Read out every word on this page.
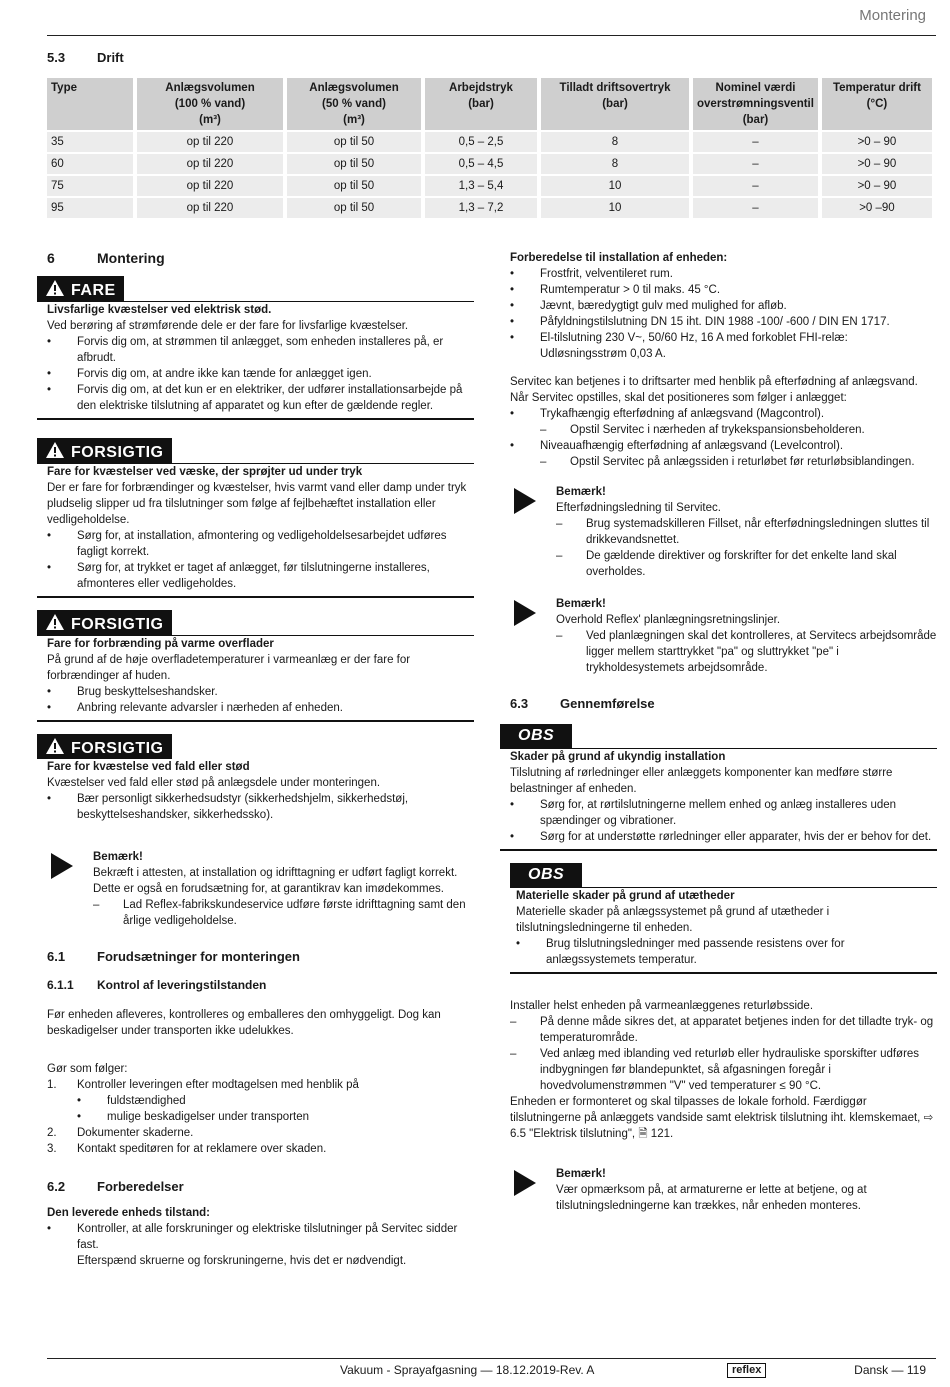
Montering
5.3 Drift
Type	Anlægsvolumen
(100 % vand)
(m³)	Anlægsvolumen
(50 % vand)
(m³)	Arbejdstryk
(bar)	Tilladt driftsovertryk
(bar)	Nominel værdi
overstrømningsventil
(bar)	Temperatur drift
(°C)
35	op til 220	op til 50	0,5 – 2,5	8	–	>0 – 90
60	op til 220	op til 50	0,5 – 4,5	8	–	>0 – 90
75	op til 220	op til 50	1,3 – 5,4	10	–	>0 – 90
95	op til 220	op til 50	1,3 – 7,2	10	–	>0 –90
6	Montering
FARE
Livsfarlige kvæstelser ved elektrisk stød.
Ved berøring af strømførende dele er der fare for livsfarlige kvæstelser.
• Forvis dig om, at strømmen til anlægget, som enheden installeres på, er afbrudt.
• Forvis dig om, at andre ikke kan tænde for anlægget igen.
• Forvis dig om, at det kun er en elektriker, der udfører installationsarbejde på den elektriske tilslutning af apparatet og kun efter de gældende regler.
FORSIGTIG
Fare for kvæstelser ved væske, der sprøjter ud under tryk
Der er fare for forbrændinger og kvæstelser, hvis varmt vand eller damp under tryk pludselig slipper ud fra tilslutninger som følge af fejlbehæftet installation eller vedligeholdelse.
• Sørg for, at installation, afmontering og vedligeholdelsesarbejdet udføres fagligt korrekt.
• Sørg for, at trykket er taget af anlægget, før tilslutningerne installeres, afmonteres eller vedligeholdes.
FORSIGTIG
Fare for forbrænding på varme overflader
På grund af de høje overfladetemperaturer i varmeanlæg er der fare for forbrændinger af huden.
• Brug beskyttelseshandsker.
• Anbring relevante advarsler i nærheden af enheden.
FORSIGTIG
Fare for kvæstelse ved fald eller stød
Kvæstelser ved fald eller stød på anlægsdele under monteringen.
• Bær personligt sikkerhedsudstyr (sikkerhedshjelm, sikkerhedstøj, beskyttelseshandsker, sikkerhedssko).
Bemærk!
Bekræft i attesten, at installation og idrifttagning er udført fagligt korrekt. Dette er også en forudsætning for, at garantikrav kan imødekommes.
– Lad Reflex-fabrikskundeservice udføre første idrifttagning samt den årlige vedligeholdelse.
6.1 Forudsætninger for monteringen
6.1.1 Kontrol af leveringstilstanden
Før enheden afleveres, kontrolleres og emballeres den omhyggeligt. Dog kan beskadigelser under transporten ikke udelukkes.
Gør som følger:
1. Kontroller leveringen efter modtagelsen med henblik på
• fuldstændighed
• mulige beskadigelser under transporten
2. Dokumenter skaderne.
3. Kontakt speditøren for at reklamere over skaden.
6.2 Forberedelser
Den leverede enheds tilstand:
• Kontroller, at alle forskruninger og elektriske tilslutninger på Servitec sidder fast.
Efterspænd skruerne og forskruningerne, hvis det er nødvendigt.
Forberedelse til installation af enheden:
• Frostfrit, velventileret rum.
• Rumtemperatur > 0 til maks. 45 °C.
• Jævnt, bæredygtigt gulv med mulighed for afløb.
• Påfyldningstilslutning DN 15 iht. DIN 1988 -100/ -600 / DIN EN 1717.
• El-tilslutning 230 V~, 50/60 Hz, 16 A med forkoblet FHI-relæ: Udløsningsstrøm 0,03 A.
Servitec kan betjenes i to driftsarter med henblik på efterfødning af anlægsvand. Når Servitec opstilles, skal det positioneres som følger i anlægget:
• Trykafhængig efterfødning af anlægsvand (Magcontrol).
– Opstil Servitec i nærheden af trykekspansionsbeholderen.
• Niveauafhængig efterfødning af anlægsvand (Levelcontrol).
– Opstil Servitec på anlægssiden i returløbet før returløbsiblandingen.
Bemærk!
Efterfødningsledning til Servitec.
– Brug systemadskilleren Fillset, når efterfødningsledningen sluttes til drikkevandsnettet.
– De gældende direktiver og forskrifter for det enkelte land skal overholdes.
Bemærk!
Overhold Reflex' planlægningsretningslinjer.
– Ved planlægningen skal det kontrolleres, at Servitecs arbejdsområde ligger mellem starttrykket "pa" og sluttrykket "pe" i trykholdesystemets arbejdsområde.
6.3 Gennemførelse
OBS
Skader på grund af ukyndig installation
Tilslutning af rørledninger eller anlæggets komponenter kan medføre større belastninger af enheden.
• Sørg for, at rørtilslutningerne mellem enhed og anlæg installeres uden spændinger og vibrationer.
• Sørg for at understøtte rørledninger eller apparater, hvis der er behov for det.
OBS
Materielle skader på grund af utætheder
Materielle skader på anlægssystemet på grund af utætheder i tilslutningsledningerne til enheden.
• Brug tilslutningsledninger med passende resistens over for anlægssystemets temperatur.
Installer helst enheden på varmeanlæggenes returløbsside.
– På denne måde sikres det, at apparatet betjenes inden for det tilladte tryk- og temperaturområde.
– Ved anlæg med iblanding ved returløb eller hydrauliske sporskifter udføres indbygningen før blandepunktet, så afgasningen foregår i hovedvolumenstrømmen "V" ved temperaturer ≤ 90 °C.
Enheden er formonteret og skal tilpasses de lokale forhold. Færdiggør tilslutningerne på anlæggets vandside samt elektrisk tilslutning iht. klemskemaet, ⇨ 6.5 "Elektrisk tilslutning", 🗎 121.
Bemærk!
Vær opmærksom på, at armaturerne er lette at betjene, og at tilslutningsledningerne kan trækkes, når enheden monteres.
Vakuum - Sprayafgasning — 18.12.2019-Rev. A	reflex	Dansk — 119
